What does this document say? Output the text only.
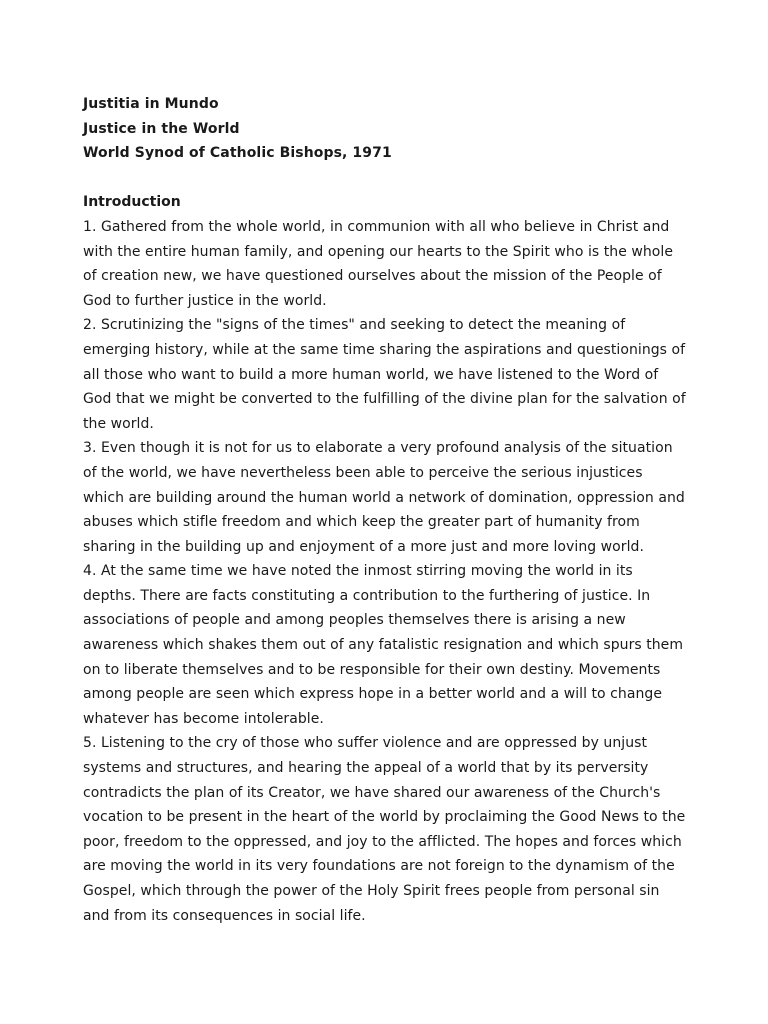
Justitia in Mundo

Justice in the World

World Synod of Catholic Bishops, 1971

Introduction

1. Gathered from the whole world, in communion with all who believe in Christ and with the entire human family, and opening our hearts to the Spirit who is the whole of creation new, we have questioned ourselves about the mission of the People of God to further justice in the world.

2. Scrutinizing the "signs of the times" and seeking to detect the meaning of emerging history, while at the same time sharing the aspirations and questionings of all those who want to build a more human world, we have listened to the Word of God that we might be converted to the fulfilling of the divine plan for the salvation of the world.

3. Even though it is not for us to elaborate a very profound analysis of the situation of the world, we have nevertheless been able to perceive the serious injustices which are building around the human world a network of domination, oppression and abuses which stifle freedom and which keep the greater part of humanity from sharing in the building up and enjoyment of a more just and more loving world.

4. At the same time we have noted the inmost stirring moving the world in its depths. There are facts constituting a contribution to the furthering of justice. In associations of people and among peoples themselves there is arising a new awareness which shakes them out of any fatalistic resignation and which spurs them on to liberate themselves and to be responsible for their own destiny. Movements among people are seen which express hope in a better world and a will to change whatever has become intolerable.

5. Listening to the cry of those who suffer violence and are oppressed by unjust systems and structures, and hearing the appeal of a world that by its perversity contradicts the plan of its Creator, we have shared our awareness of the Church's vocation to be present in the heart of the world by proclaiming the Good News to the poor, freedom to the oppressed, and joy to the afflicted. The hopes and forces which are moving the world in its very foundations are not foreign to the dynamism of the Gospel, which through the power of the Holy Spirit frees people from personal sin and from its consequences in social life.
